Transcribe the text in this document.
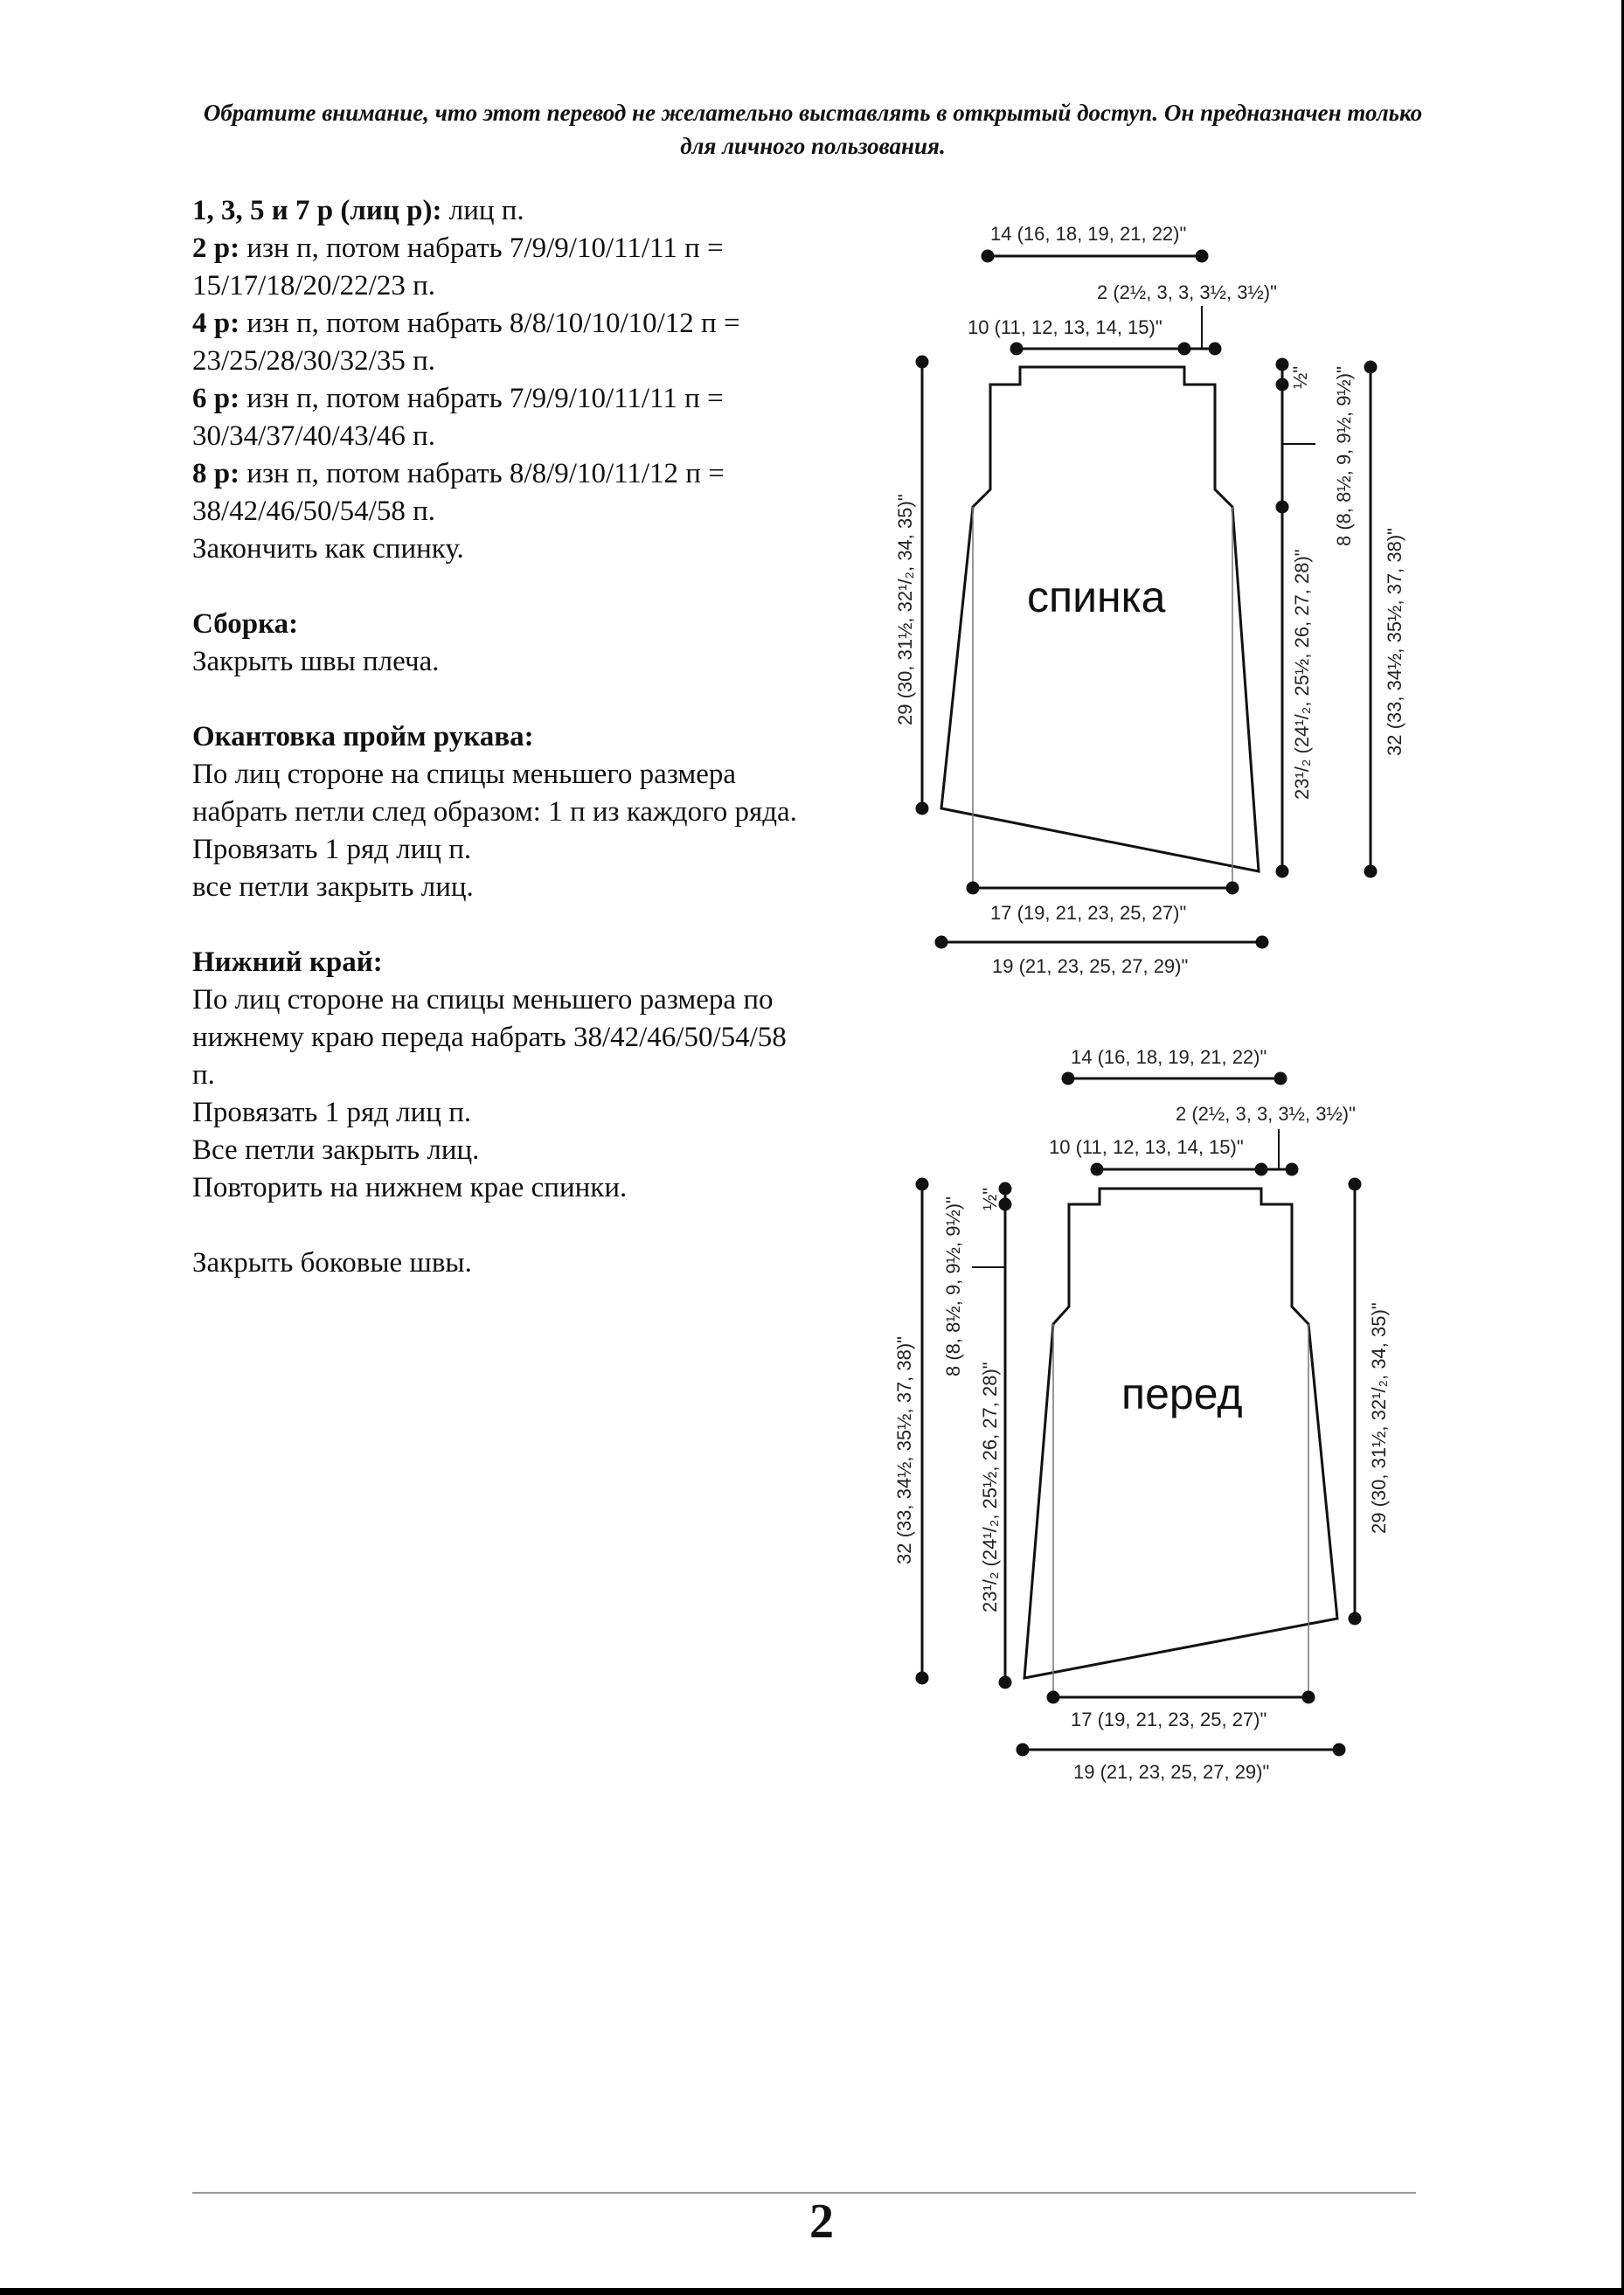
Обратите внимание, что этот перевод не желательно выставлять в открытый доступ. Он предназначен только для личного пользования.

1, 3, 5 и 7 р (лиц р): лиц п.

2 р: изн п, потом набрать 7/9/9/10/11/11 п = 15/17/18/20/22/23 п.

4 р: изн п, потом набрать 8/8/10/10/10/12 п = 23/25/28/30/32/35 п.

6 р: изн п, потом набрать 7/9/9/10/11/11 п = 30/34/37/40/43/46 п.

8 р: изн п, потом набрать 8/8/9/10/11/12 п = 38/42/46/50/54/58 п.

Закончить как спинку.

Сборка:

Закрыть швы плеча.

Окантовка пройм рукава:

По лиц стороне на спицы меньшего размера набрать петли след образом: 1 п из каждого ряда.

Провязать 1 ряд лиц п.

все петли закрыть лиц.

Нижний край:

По лиц стороне на спицы меньшего размера по нижнему краю переда набрать 38/42/46/50/54/58 п.

Провязать 1 ряд лиц п.

Все петли закрыть лиц.

Повторить на нижнем крае спинки.

Закрыть боковые швы.

14 (16, 18, 19, 21, 22)"
2 (2½, 3, 3, 3½, 3½)"
10 (11, 12, 13, 14, 15)"
спинка
29 (30, 31½, 32¹/₂, 34, 35)"
½" 8 (8, 8½, 9, 9½, 9½)"
23¹/₂ (24¹/₂, 25½, 26, 27, 28)"	32 (33, 34½, 35½, 37, 38)"
17 (19, 21, 23, 25, 27)"
19 (21, 23, 25, 27, 29)"
14 (16, 18, 19, 21, 22)"
2 (2½, 3, 3, 3½, 3½)"
10 (11, 12, 13, 14, 15)"
перед
32 (33, 34½, 35½, 37, 38)"
8 (8, 8½, 9, 9½, 9½)" ½"
23¹/₂ (24¹/₂, 25½, 26, 27, 28)"	29 (30, 31½, 32¹/₂, 34, 35)"
17 (19, 21, 23, 25, 27)"
19 (21, 23, 25, 27, 29)"
2
